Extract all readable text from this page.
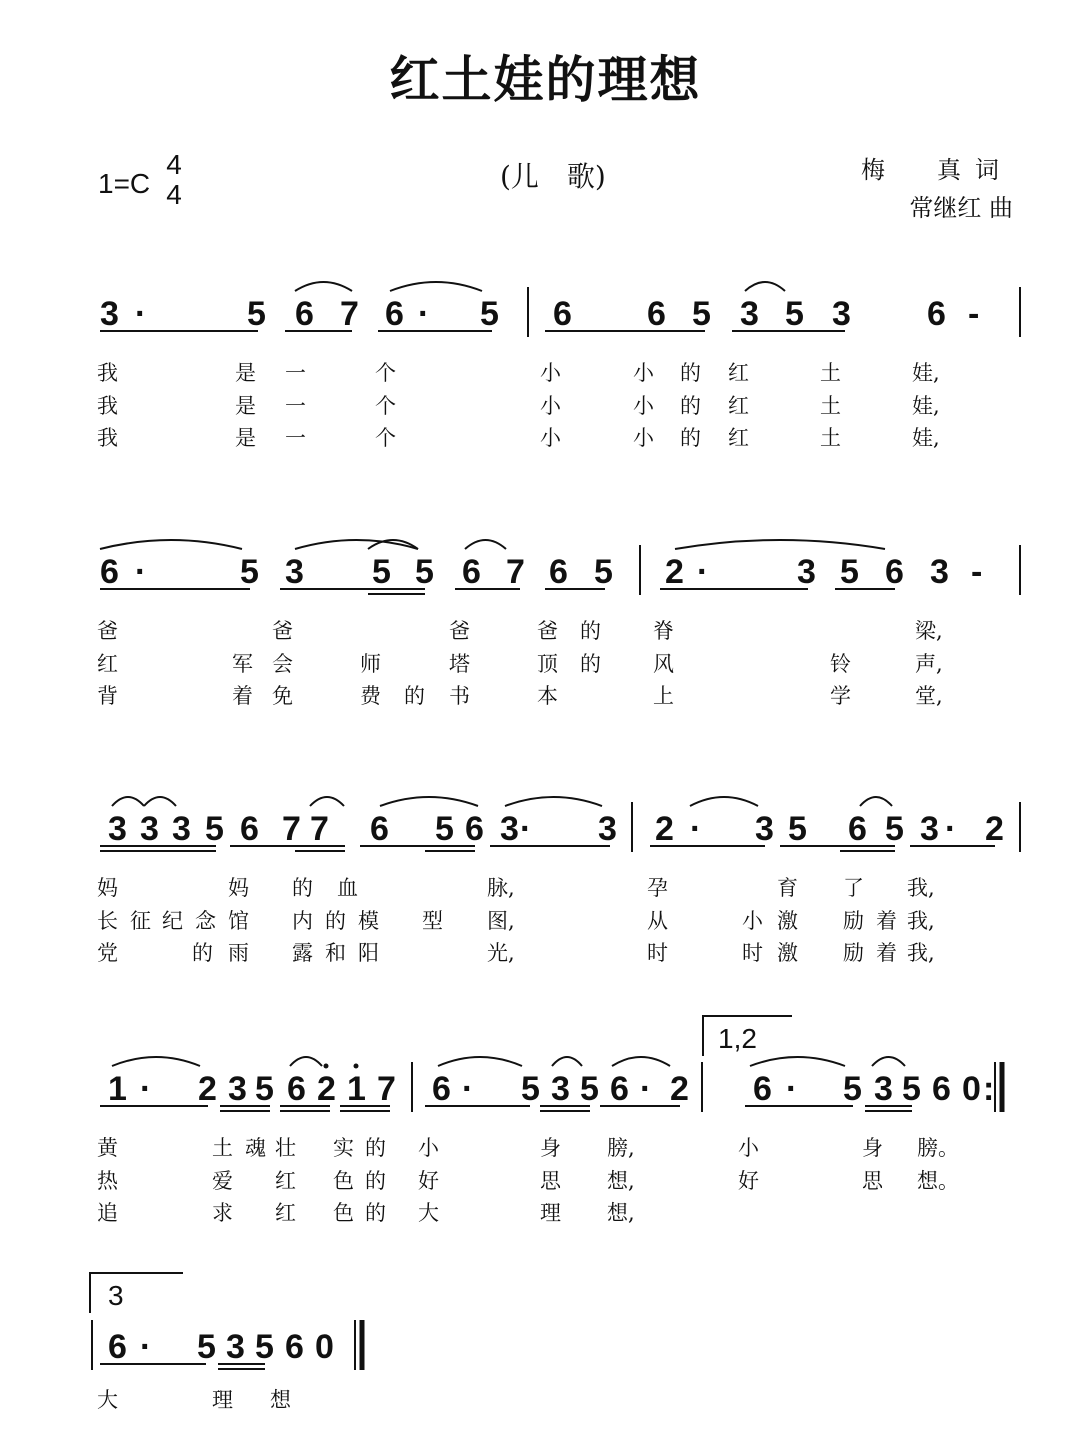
红土娃的理想
1=C
4
4
(儿　歌)	梅　真词
常继红 曲
3 ·	5 6 7 6 · 5 6 6 5 3 5 3 6 -
我	是 一	个	小	小 的 红	土	娃,
我	是 一	个	小	小 的 红	土	娃,
我	是 一	个	小	小 的 红	土	娃,
6 ·	5 3 5 5 6 7 6 5 2 ·	3 5 6 3 -
爸	爸	爸	爸 的 脊	梁,
红	军 会	师	塔	顶 的 风	铃	声,
背	着 免	费 的 书	本	上	学	堂,
3 3 3 5 6 7 7 6 5 6 3 · 3 2 · 3 5 6 5 3 · 2
妈	妈 的 血	脉,	孕	育 了 我,
长 征 纪 念 馆 内 的 模 型 图,	从	小 激 励 着 我,
党	的 雨 露 和 阳	光,	时	时 激 励 着 我,
1 · 2 3 5 6 2 1 7 6 · 5 3 5 6 · 2 6 · 5 3 5 6 0 :
1,2
黄	土 魂 壮 实 的 小	身 膀,	小	身 膀。
热	爱 红 色 的 好	思 想,	好	思 想。
追	求 红 色 的 大	理 想,
6 · 5 3 5 6 0
3
大	理 想
